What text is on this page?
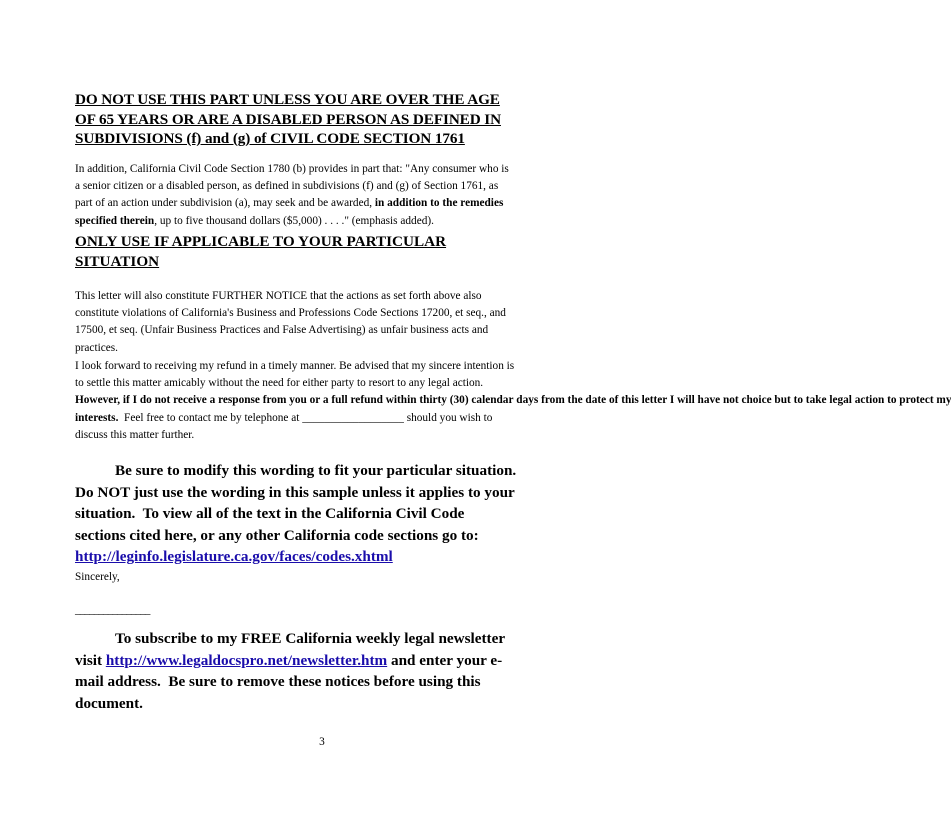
DO NOT USE THIS PART UNLESS YOU ARE OVER THE AGE
OF 65 YEARS OR ARE A DISABLED PERSON AS DEFINED IN
SUBDIVISIONS (f) and (g) of CIVIL CODE SECTION 1761
In addition, California Civil Code Section 1780 (b) provides in part that: "Any consumer who is
a senior citizen or a disabled person, as defined in subdivisions (f) and (g) of Section 1761, as
part of an action under subdivision (a), may seek and be awarded, in addition to the remedies
specified therein, up to five thousand dollars ($5,000) . . . ." (emphasis added).
ONLY USE IF APPLICABLE TO YOUR PARTICULAR
SITUATION
This letter will also constitute FURTHER NOTICE that the actions as set forth above also
constitute violations of California's Business and Professions Code Sections 17200, et seq., and
17500, et seq. (Unfair Business Practices and False Advertising) as unfair business acts and
practices.
I look forward to receiving my refund in a timely manner. Be advised that my sincere intention is
to settle this matter amicably without the need for either party to resort to any legal action.
However, if I do not receive a response from you or a full refund within thirty (30) calendar days from the date of this letter I will have not choice but to take legal action to protect my
interests.  Feel free to contact me by telephone at __________________ should you wish to
discuss this matter further.
Be sure to modify this wording to fit your particular situation.
Do NOT just use the wording in this sample unless it applies to your
situation.  To view all of the text in the California Civil Code
sections cited here, or any other California code sections go to:
http://leginfo.legislature.ca.gov/faces/codes.xhtml
Sincerely,
________________
To subscribe to my FREE California weekly legal newsletter
visit http://www.legaldocspro.net/newsletter.htm and enter your e-
mail address.  Be sure to remove these notices before using this
document.
3
